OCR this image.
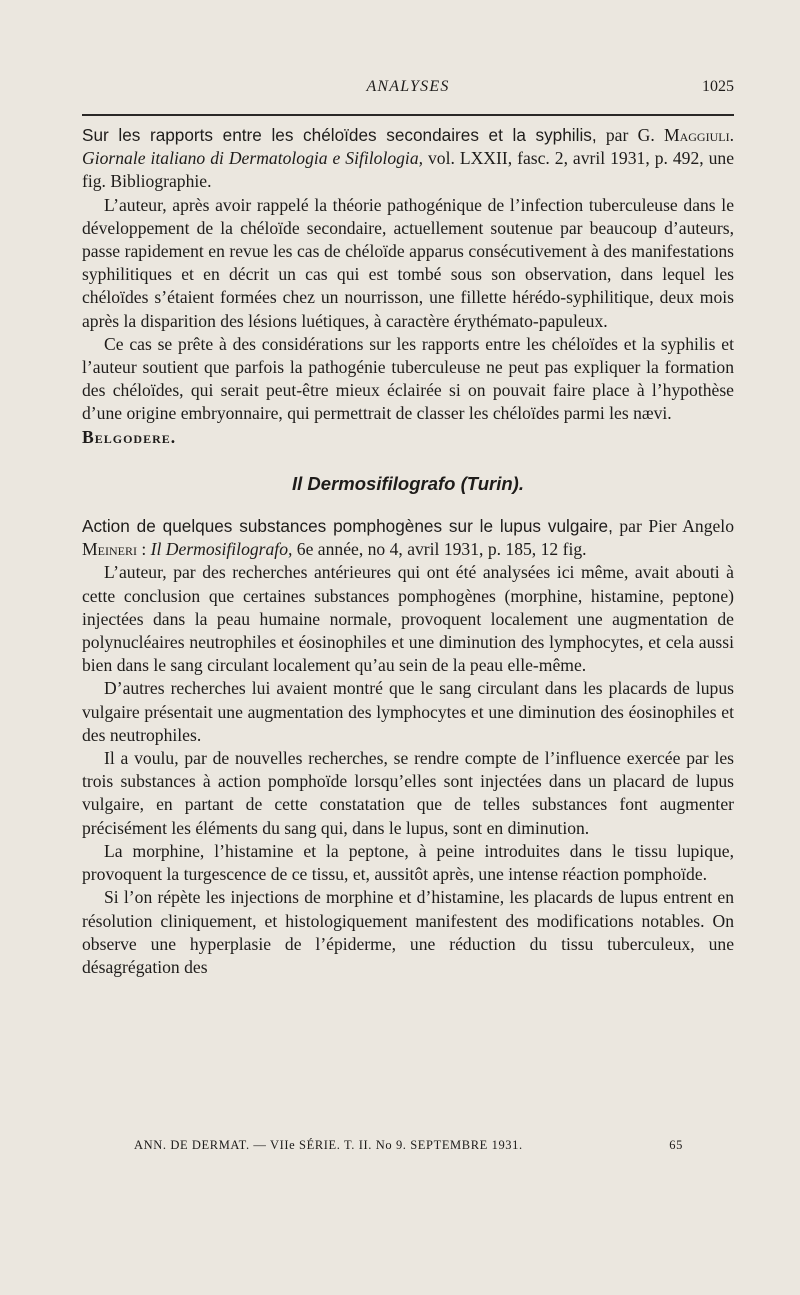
ANALYSES	1025

Sur les rapports entre les chéloïdes secondaires et la syphilis, par G. Maggiuli. Giornale italiano di Dermatologia e Sifilologia, vol. LXXII, fasc. 2, avril 1931, p. 492, une fig. Bibliographie.

L’auteur, après avoir rappelé la théorie pathogénique de l’infection tuberculeuse dans le développement de la chéloïde secondaire, actuellement soutenue par beaucoup d’auteurs, passe rapidement en revue les cas de chéloïde apparus consécutivement à des manifestations syphilitiques et en décrit un cas qui est tombé sous son observation, dans lequel les chéloïdes s’étaient formées chez un nourrisson, une fillette hérédo-syphilitique, deux mois après la disparition des lésions luétiques, à caractère érythémato-papuleux.

Ce cas se prête à des considérations sur les rapports entre les chéloïdes et la syphilis et l’auteur soutient que parfois la pathogénie tuberculeuse ne peut pas expliquer la formation des chéloïdes, qui serait peut-être mieux éclairée si on pouvait faire place à l’hypothèse d’une origine embryonnaire, qui permettrait de classer les chéloïdes parmi les nævi.

Belgodere.

Il Dermosifilografo (Turin).

Action de quelques substances pomphogènes sur le lupus vulgaire, par Pier Angelo Meineri : Il Dermosifilografo, 6e année, no 4, avril 1931, p. 185, 12 fig.

L’auteur, par des recherches antérieures qui ont été analysées ici même, avait abouti à cette conclusion que certaines substances pomphogènes (morphine, histamine, peptone) injectées dans la peau humaine normale, provoquent localement une augmentation de polynucléaires neutrophiles et éosinophiles et une diminution des lymphocytes, et cela aussi bien dans le sang circulant localement qu’au sein de la peau elle-même.

D’autres recherches lui avaient montré que le sang circulant dans les placards de lupus vulgaire présentait une augmentation des lymphocytes et une diminution des éosinophiles et des neutrophiles.

Il a voulu, par de nouvelles recherches, se rendre compte de l’influence exercée par les trois substances à action pomphoïde lorsqu’elles sont injectées dans un placard de lupus vulgaire, en partant de cette constatation que de telles substances font augmenter précisément les éléments du sang qui, dans le lupus, sont en diminution.

La morphine, l’histamine et la peptone, à peine introduites dans le tissu lupique, provoquent la turgescence de ce tissu, et, aussitôt après, une intense réaction pomphoïde.

Si l’on répète les injections de morphine et d’histamine, les placards de lupus entrent en résolution cliniquement, et histologiquement manifestent des modifications notables. On observe une hyperplasie de l’épiderme, une réduction du tissu tuberculeux, une désagrégation des

ANN. DE DERMAT. — VIIe SÉRIE. T. II. No 9. SEPTEMBRE 1931.	65
